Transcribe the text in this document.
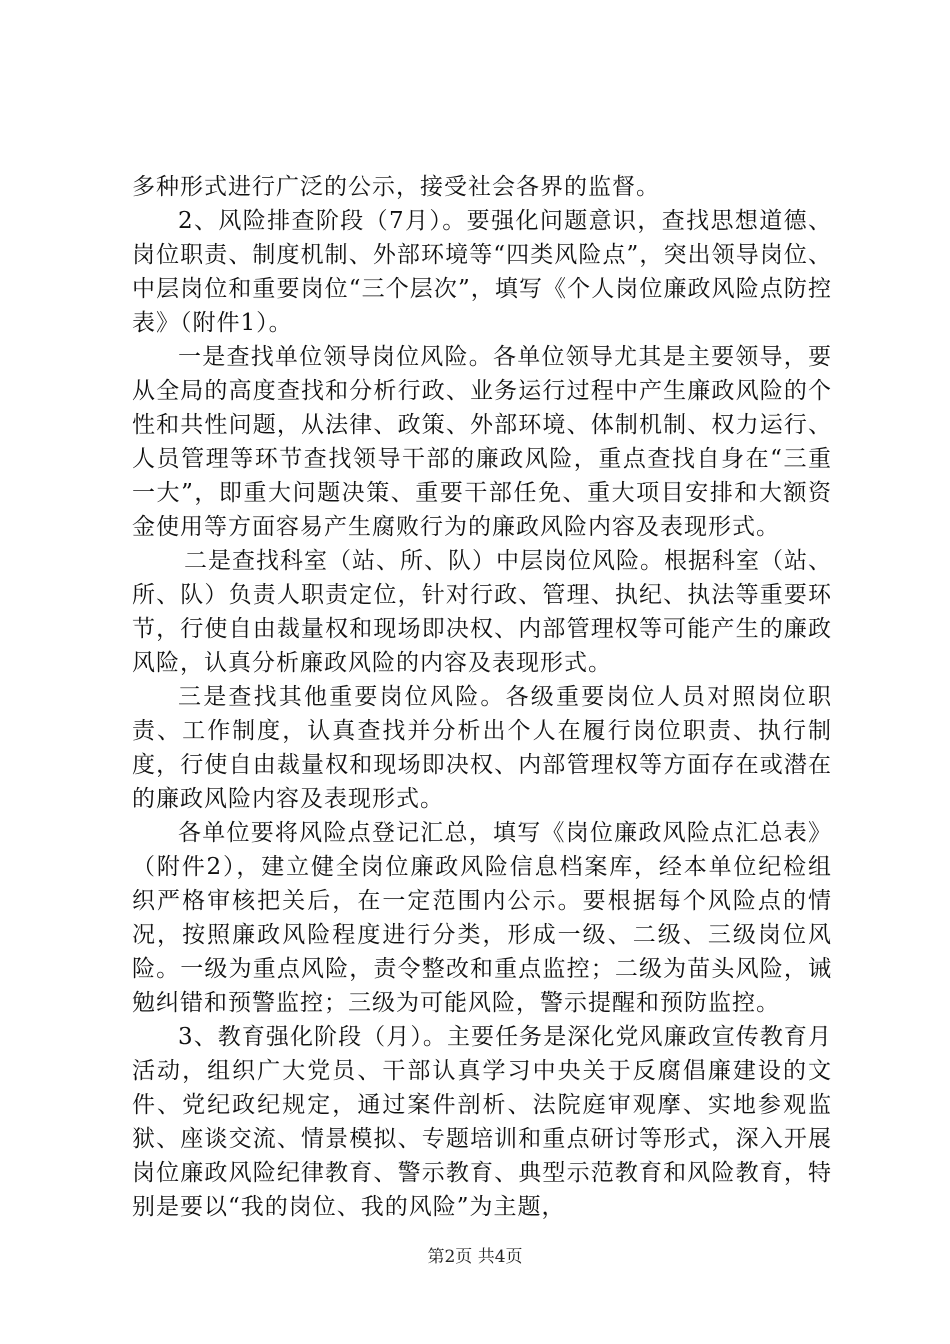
多种形式进行广泛的公示，接受社会各界的监督。

2、风险排查阶段（7月）。要强化问题意识，查找思想道德、岗位职责、制度机制、外部环境等“四类风险点”，突出领导岗位、中层岗位和重要岗位“三个层次”，填写《个人岗位廉政风险点防控表》（附件1）。

一是查找单位领导岗位风险。各单位领导尤其是主要领导，要从全局的高度查找和分析行政、业务运行过程中产生廉政风险的个性和共性问题，从法律、政策、外部环境、体制机制、权力运行、人员管理等环节查找领导干部的廉政风险，重点查找自身在“三重一大”，即重大问题决策、重要干部任免、重大项目安排和大额资金使用等方面容易产生腐败行为的廉政风险内容及表现形式。

二是查找科室（站、所、队）中层岗位风险。根据科室（站、所、队）负责人职责定位，针对行政、管理、执纪、执法等重要环节，行使自由裁量权和现场即决权、内部管理权等可能产生的廉政风险，认真分析廉政风险的内容及表现形式。

三是查找其他重要岗位风险。各级重要岗位人员对照岗位职责、工作制度，认真查找并分析出个人在履行岗位职责、执行制度，行使自由裁量权和现场即决权、内部管理权等方面存在或潜在的廉政风险内容及表现形式。

各单位要将风险点登记汇总，填写《岗位廉政风险点汇总表》（附件2），建立健全岗位廉政风险信息档案库，经本单位纪检组织严格审核把关后，在一定范围内公示。要根据每个风险点的情况，按照廉政风险程度进行分类，形成一级、二级、三级岗位风险。一级为重点风险，责令整改和重点监控；二级为苗头风险，诫勉纠错和预警监控；三级为可能风险，警示提醒和预防监控。

3、教育强化阶段（月）。主要任务是深化党风廉政宣传教育月活动，组织广大党员、干部认真学习中央关于反腐倡廉建设的文件、党纪政纪规定，通过案件剖析、法院庭审观摩、实地参观监狱、座谈交流、情景模拟、专题培训和重点研讨等形式，深入开展岗位廉政风险纪律教育、警示教育、典型示范教育和风险教育，特别是要以“我的岗位、我的风险”为主题，

第2页 共4页
